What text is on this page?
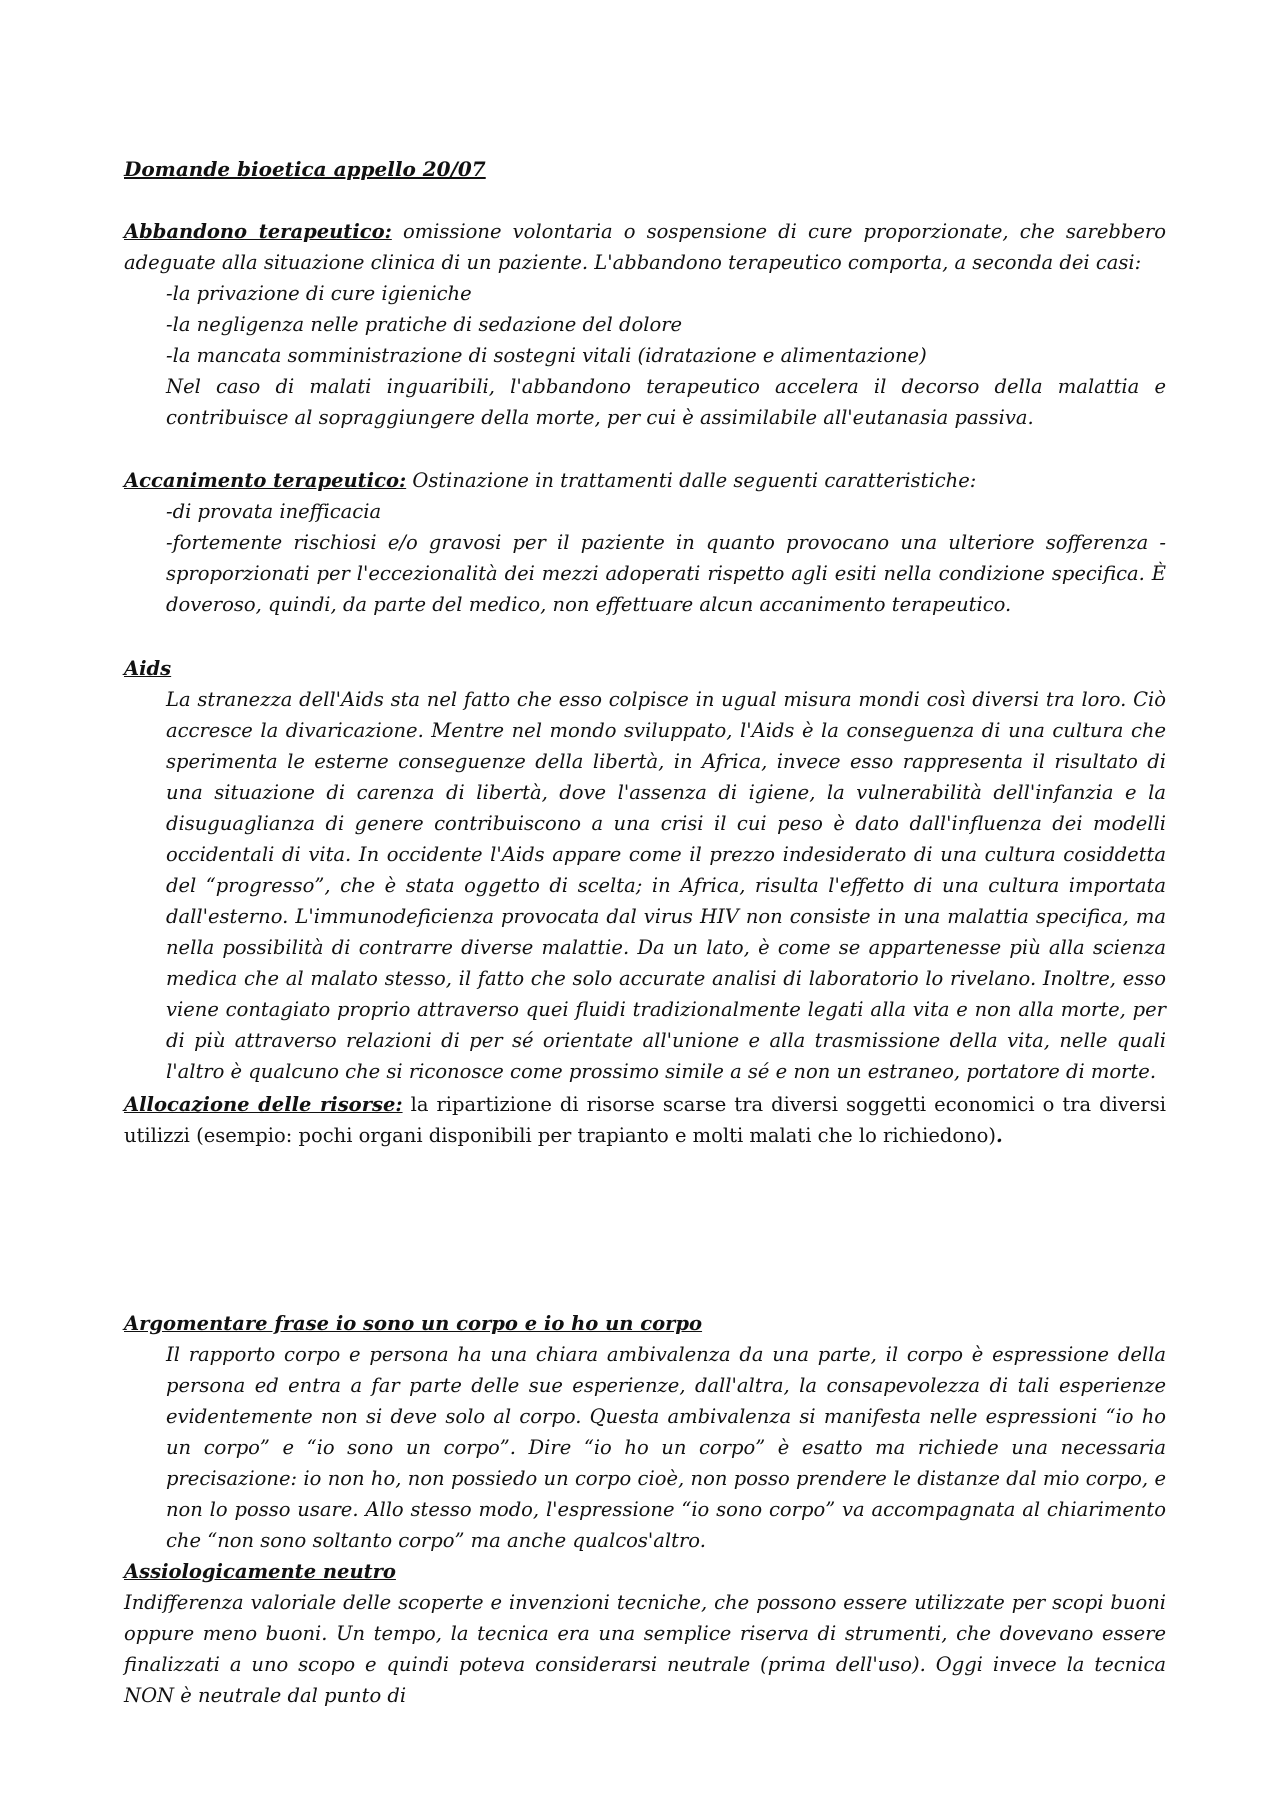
Domande bioetica appello 20/07

Abbandono terapeutico: omissione volontaria o sospensione di cure proporzionate, che sarebbero adeguate alla situazione clinica di un paziente. L'abbandono terapeutico comporta, a seconda dei casi:

-la privazione di cure igieniche
-la negligenza nelle pratiche di sedazione del dolore
-la mancata somministrazione di sostegni vitali (idratazione e alimentazione)

Nel caso di malati inguaribili, l'abbandono terapeutico accelera il decorso della malattia e contribuisce al sopraggiungere della morte, per cui è assimilabile all'eutanasia passiva.

Accanimento terapeutico: Ostinazione in trattamenti dalle seguenti caratteristiche:

-di provata inefficacia

-fortemente rischiosi e/o gravosi per il paziente in quanto provocano una ulteriore sofferenza -sproporzionati per l'eccezionalità dei mezzi adoperati rispetto agli esiti nella condizione specifica. È doveroso, quindi, da parte del medico, non effettuare alcun accanimento terapeutico.

Aids

La stranezza dell'Aids sta nel fatto che esso colpisce in ugual misura mondi così diversi tra loro. Ciò accresce la divaricazione. Mentre nel mondo sviluppato, l'Aids è la conseguenza di una cultura che sperimenta le esterne conseguenze della libertà, in Africa, invece esso rappresenta il risultato di una situazione di carenza di libertà, dove l'assenza di igiene, la vulnerabilità dell'infanzia e la disuguaglianza di genere contribuiscono a una crisi il cui peso è dato dall'influenza dei modelli occidentali di vita. In occidente l'Aids appare come il prezzo indesiderato di una cultura cosiddetta del “progresso”, che è stata oggetto di scelta; in Africa, risulta l'effetto di una cultura importata dall'esterno. L'immunodeficienza provocata dal virus HIV non consiste in una malattia specifica, ma nella possibilità di contrarre diverse malattie. Da un lato, è come se appartenesse più alla scienza medica che al malato stesso, il fatto che solo accurate analisi di laboratorio lo rivelano. Inoltre, esso viene contagiato proprio attraverso quei fluidi tradizionalmente legati alla vita e non alla morte, per di più attraverso relazioni di per sé orientate all'unione e alla trasmissione della vita, nelle quali l'altro è qualcuno che si riconosce come prossimo simile a sé e non un estraneo, portatore di morte.

Allocazione delle risorse: la ripartizione di risorse scarse tra diversi soggetti economici o tra diversi utilizzi (esempio: pochi organi disponibili per trapianto e molti malati che lo richiedono).

Argomentare frase io sono un corpo e io ho un corpo

Il rapporto corpo e persona ha una chiara ambivalenza da una parte, il corpo è espressione della persona ed entra a far parte delle sue esperienze, dall'altra, la consapevolezza di tali esperienze evidentemente non si deve solo al corpo. Questa ambivalenza si manifesta nelle espressioni “io ho un corpo” e “io sono un corpo”. Dire “io ho un corpo” è esatto ma richiede una necessaria precisazione: io non ho, non possiedo un corpo cioè, non posso prendere le distanze dal mio corpo, e non lo posso usare. Allo stesso modo, l'espressione “io sono corpo” va accompagnata al chiarimento che “non sono soltanto corpo” ma anche qualcos'altro.

Assiologicamente neutro

Indifferenza valoriale delle scoperte e invenzioni tecniche, che possono essere utilizzate per scopi buoni oppure meno buoni. Un tempo, la tecnica era una semplice riserva di strumenti, che dovevano essere finalizzati a uno scopo e quindi poteva considerarsi neutrale (prima dell'uso). Oggi invece la tecnica NON è neutrale dal punto di
